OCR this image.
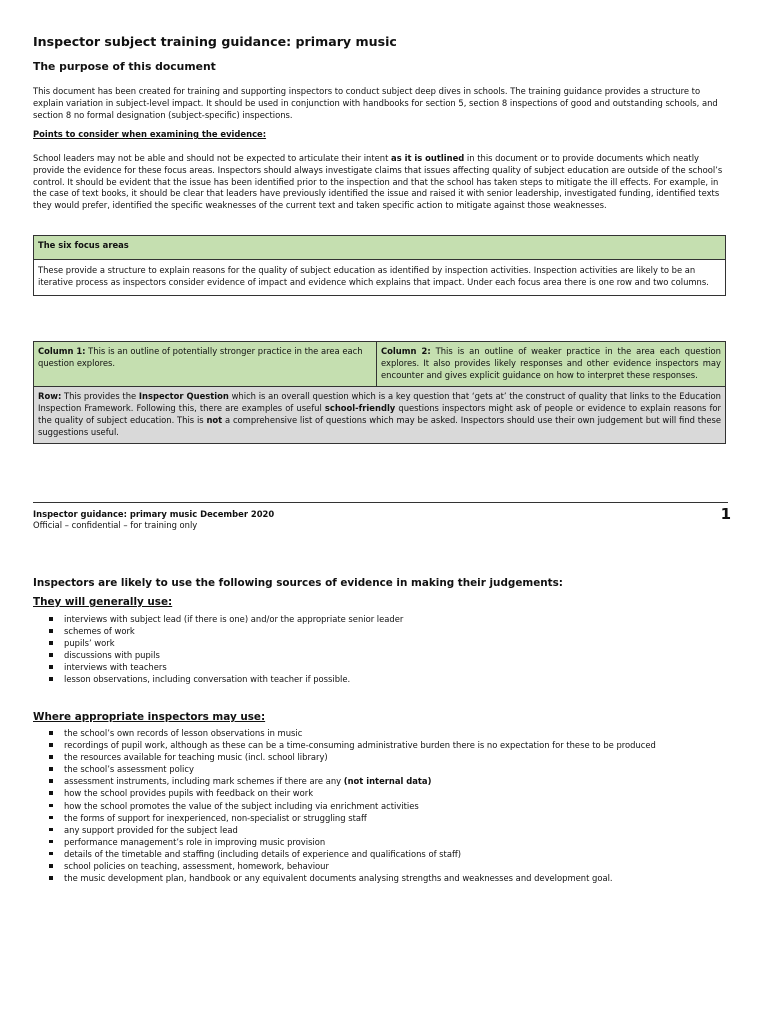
Inspector subject training guidance: primary music
The purpose of this document

This document has been created for training and supporting inspectors to conduct subject deep dives in schools. The training guidance provides a structure to explain variation in subject-level impact. It should be used in conjunction with handbooks for section 5, section 8 inspections of good and outstanding schools, and section 8 no formal designation (subject-specific) inspections.

Points to consider when examining the evidence:

School leaders may not be able and should not be expected to articulate their intent as it is outlined in this document or to provide documents which neatly provide the evidence for these focus areas. Inspectors should always investigate claims that issues affecting quality of subject education are outside of the school’s control. It should be evident that the issue has been identified prior to the inspection and that the school has taken steps to mitigate the ill effects. For example, in the case of text books, it should be clear that leaders have previously identified the issue and raised it with senior leadership, investigated funding, identified texts they would prefer, identified the specific weaknesses of the current text and taken specific action to mitigate against those weaknesses.

The six focus areas
These provide a structure to explain reasons for the quality of subject education as identified by inspection activities. Inspection activities are likely to be an iterative process as inspectors consider evidence of impact and evidence which explains that impact. Under each focus area there is one row and two columns.
Column 1: This is an outline of potentially stronger practice in the area each question explores.
Column 2: This is an outline of weaker practice in the area each question explores. It also provides likely responses and other evidence inspectors may encounter and gives explicit guidance on how to interpret these responses.
Row: This provides the Inspector Question which is an overall question which is a key question that ‘gets at’ the construct of quality that links to the Education Inspection Framework. Following this, there are examples of useful school-friendly questions inspectors might ask of people or evidence to explain reasons for the quality of subject education. This is not a comprehensive list of questions which may be asked. Inspectors should use their own judgement but will find these suggestions useful.
Inspector guidance: primary music December 2020
Official – confidential – for training only
1
Inspectors are likely to use the following sources of evidence in making their judgements:
They will generally use:
interviews with subject lead (if there is one) and/or the appropriate senior leader
schemes of work
pupils’ work
discussions with pupils
interviews with teachers
lesson observations, including conversation with teacher if possible.
Where appropriate inspectors may use:
the school’s own records of lesson observations in music
recordings of pupil work, although as these can be a time-consuming administrative burden there is no expectation for these to be produced
the resources available for teaching music (incl. school library)
the school’s assessment policy
assessment instruments, including mark schemes if there are any (not internal data)
how the school provides pupils with feedback on their work
how the school promotes the value of the subject including via enrichment activities
the forms of support for inexperienced, non-specialist or struggling staff
any support provided for the subject lead
performance management’s role in improving music provision
details of the timetable and staffing (including details of experience and qualifications of staff)
school policies on teaching, assessment, homework, behaviour
the music development plan, handbook or any equivalent documents analysing strengths and weaknesses and development goal.
